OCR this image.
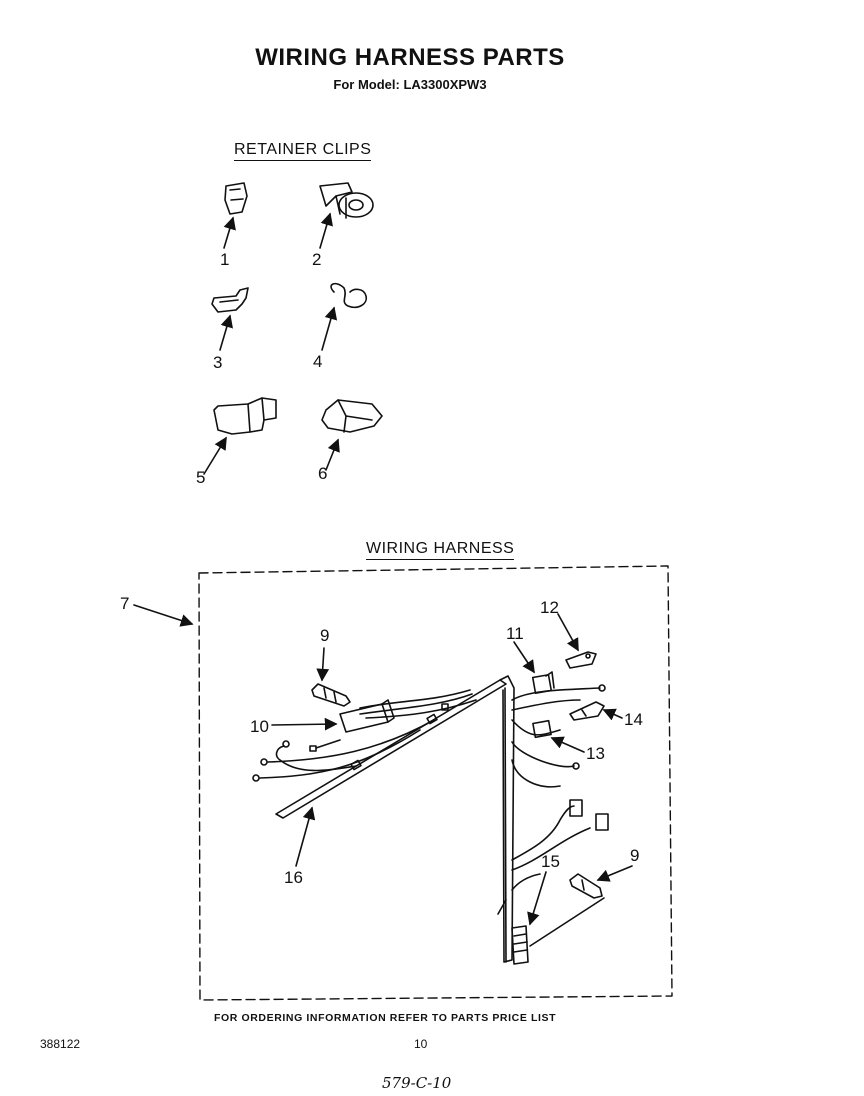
WIRING HARNESS PARTS
For Model: LA3300XPW3
RETAINER CLIPS
WIRING HARNESS
1	2
3	4
5	6
7
9
10
11
12
13
14
15	9
16
FOR ORDERING INFORMATION REFER TO PARTS PRICE LIST
388122	10
579-C-10
